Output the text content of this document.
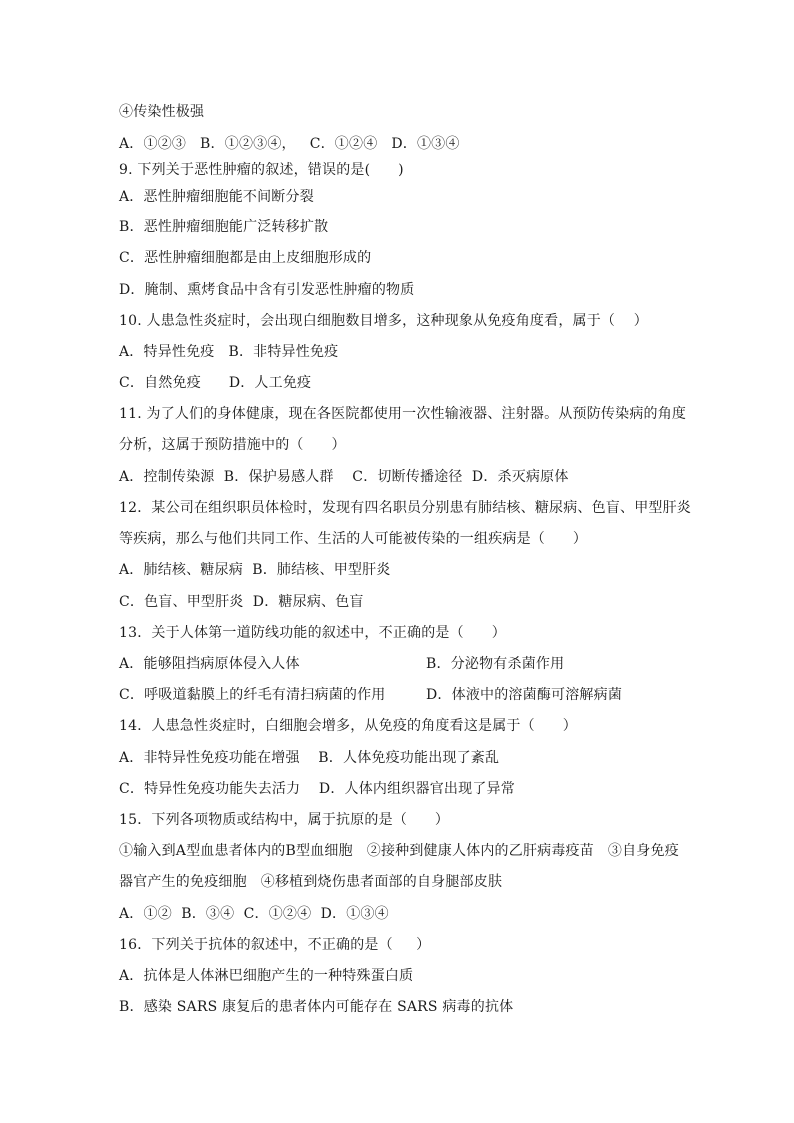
④传染性极强
A．①②③   B．①②③④，   C．①②④   D．①③④
9. 下列关于恶性肿瘤的叙述，错误的是(      )
A．恶性肿瘤细胞能不间断分裂
B．恶性肿瘤细胞能广泛转移扩散
C．恶性肿瘤细胞都是由上皮细胞形成的
D．腌制、熏烤食品中含有引发恶性肿瘤的物质
10. 人患急性炎症时，会出现白细胞数目增多，这种现象从免疫角度看，属于（    ）
A．特异性免疫   B．非特异性免疫
C．自然免疫      D．人工免疫
11. 为了人们的身体健康，现在各医院都使用一次性输液器、注射器。从预防传染病的角度
分析，这属于预防措施中的（      ）
A．控制传染源  B．保护易感人群    C．切断传播途径  D．杀灭病原体
12．某公司在组织职员体检时，发现有四名职员分别患有肺结核、糖尿病、色盲、甲型肝炎
等疾病，那么与他们共同工作、生活的人可能被传染的一组疾病是（      ）
A．肺结核、糖尿病  B．肺结核、甲型肝炎
C．色盲、甲型肝炎  D．糖尿病、色盲
13．关于人体第一道防线功能的叙述中，不正确的是（      ）
A．能够阻挡病原体侵入人体	B．分泌物有杀菌作用
C．呼吸道黏膜上的纤毛有清扫病菌的作用	D．体液中的溶菌酶可溶解病菌
14．人患急性炎症时，白细胞会增多，从免疫的角度看这是属于（      ）
A．非特异性免疫功能在增强    B．人体免疫功能出现了紊乱
C．特异性免疫功能失去活力    D．人体内组织器官出现了异常
15．下列各项物质或结构中，属于抗原的是（      ）
①输入到A型血患者体内的B型血细胞   ②接种到健康人体内的乙肝病毒疫苗   ③自身免疫
器官产生的免疫细胞   ④移植到烧伤患者面部的自身腿部皮肤
A．①②  B．③④  C．①②④  D．①③④
16．下列关于抗体的叙述中，不正确的是（     ）
A．抗体是人体淋巴细胞产生的一种特殊蛋白质
B．感染 SARS 康复后的患者体内可能存在 SARS 病毒的抗体
